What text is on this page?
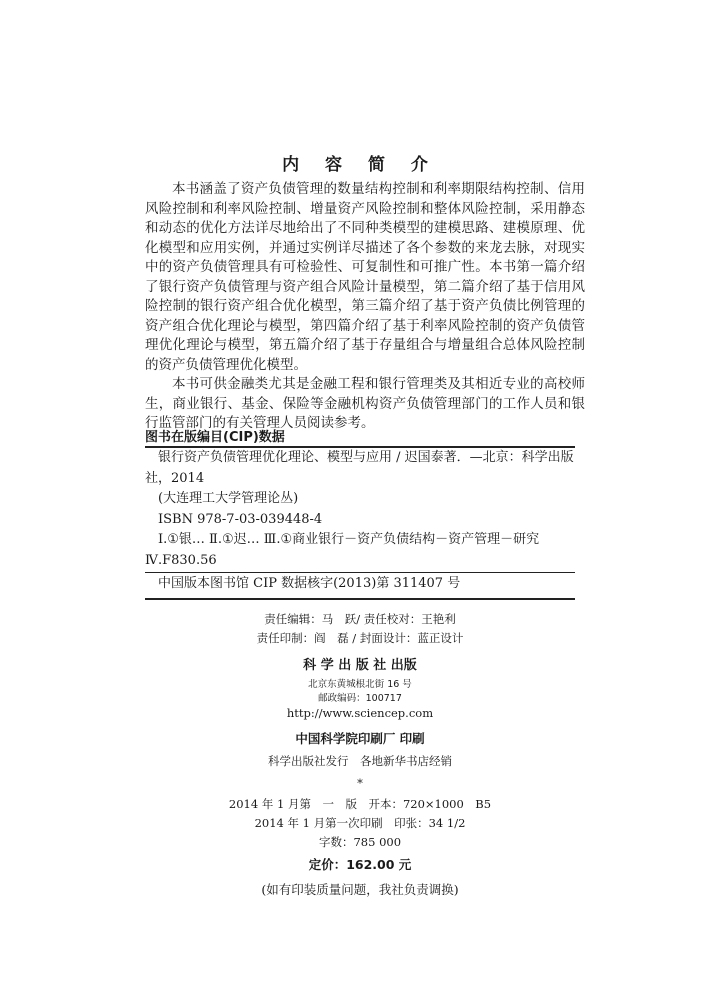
内 容 简 介

本书涵盖了资产负债管理的数量结构控制和利率期限结构控制、信用风险控制和利率风险控制、增量资产风险控制和整体风险控制，采用静态和动态的优化方法详尽地给出了不同种类模型的建模思路、建模原理、优化模型和应用实例，并通过实例详尽描述了各个参数的来龙去脉，对现实中的资产负债管理具有可检验性、可复制性和可推广性。本书第一篇介绍了银行资产负债管理与资产组合风险计量模型，第二篇介绍了基于信用风险控制的银行资产组合优化模型，第三篇介绍了基于资产负债比例管理的资产组合优化理论与模型，第四篇介绍了基于利率风险控制的资产负债管理优化理论与模型，第五篇介绍了基于存量组合与增量组合总体风险控制的资产负债管理优化模型。

本书可供金融类尤其是金融工程和银行管理类及其相近专业的高校师生，商业银行、基金、保险等金融机构资产负债管理部门的工作人员和银行监管部门的有关管理人员阅读参考。

图书在版编目(CIP)数据

银行资产负债管理优化理论、模型与应用 / 迟国泰著．—北京：科学出版社，2014

(大连理工大学管理论丛)

ISBN 978-7-03-039448-4

Ⅰ.①银… Ⅱ.①迟… Ⅲ.①商业银行－资产负债结构－资产管理－研究 Ⅳ.F830.56

中国版本图书馆 CIP 数据核字(2013)第 311407 号

责任编辑：马　跃/ 责任校对：王艳利
责任印制：阎　磊 / 封面设计：蓝正设计
科 学 出 版 社 出版
北京东黄城根北街 16 号
邮政编码：100717
http://www.sciencep.com
中国科学院印刷厂 印刷
科学出版社发行　各地新华书店经销
*
2014 年 1 月第　一　版　开本：720×1000　B5
2014 年 1 月第一次印刷　印张：34 1/2
字数：785 000
定价：162.00 元
(如有印装质量问题，我社负责调换)
